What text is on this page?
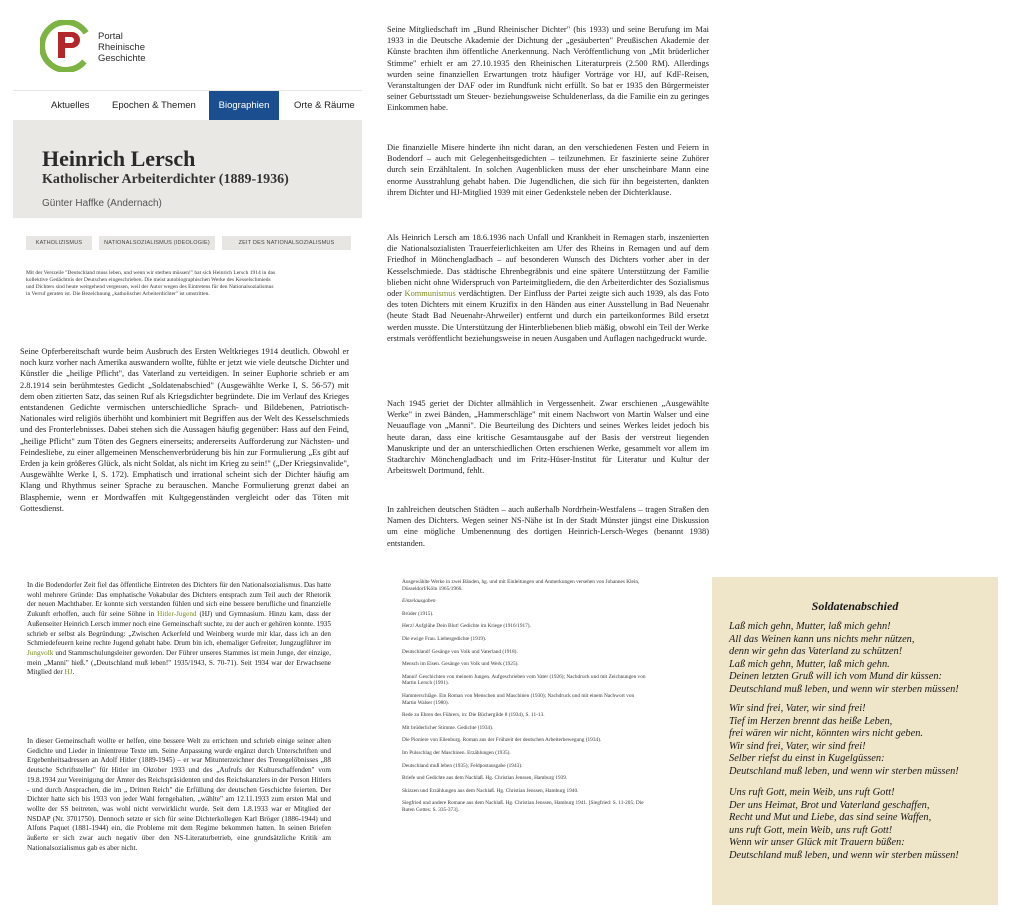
Portal
Rheinische
Geschichte
Aktuelles	Epochen & Themen	Biographien	Orte & Räume
Heinrich Lersch
Katholischer Arbeiterdichter (1889-1936)
Günter Haffke (Andernach)
KATHOLIZISMUS	NATIONALSOZIALISMUS (IDEOLOGIE)	ZEIT DES NATIONALSOZIALISMUS
Mit der Verszeile "Deutschland muss leben, und wenn wir sterben müssen!" hat sich Heinrich Lersch 1914 in das kollektive Gedächtnis der Deutschen eingeschrieben. Die meist autobiographischen Werke des Kesselschmieds und Dichters sind heute weitgehend vergessen, weil der Autor wegen des Eintretens für den Nationalsozialismus in Verruf geraten ist. Die Bezeichnung „katholischer Arbeiterdichter" ist umstritten.
Seine Opferbereitschaft wurde beim Ausbruch des Ersten Weltkrieges 1914 deutlich. Obwohl er noch kurz vorher nach Amerika auswandern wollte, fühlte er jetzt wie viele deutsche Dichter und Künstler die „heilige Pflicht", das Vaterland zu verteidigen. In seiner Euphorie schrieb er am 2.8.1914 sein berühmtestes Gedicht „Soldatenabschied" (Ausgewählte Werke I, S. 56-57) mit dem oben zitierten Satz, das seinen Ruf als Kriegsdichter begründete. Die im Verlauf des Krieges entstandenen Gedichte vermischen unterschiedliche Sprach- und Bildebenen, Patriotisch-Nationales wird religiös überhöht und kombiniert mit Begriffen aus der Welt des Kesselschmieds und des Fronterlebnisses. Dabei stehen sich die Aussagen häufig gegenüber: Hass auf den Feind, „heilige Pflicht" zum Töten des Gegners einerseits; andererseits Aufforderung zur Nächsten- und Feindesliebe, zu einer allgemeinen Menschenverbrüderung bis hin zur Formulierung „Es gibt auf Erden ja kein größeres Glück, als nicht Soldat, als nicht im Krieg zu sein!" („Der Kriegsinvalide", Ausgewählte Werke I, S. 172). Emphatisch und irrational scheint sich der Dichter häufig am Klang und Rhythmus seiner Sprache zu berauschen. Manche Formulierung grenzt dabei an Blasphemie, wenn er Mordwaffen mit Kultgegenständen vergleicht oder das Töten mit Gottesdienst.
In die Bodendorfer Zeit fiel das öffentliche Eintreten des Dichters für den Nationalsozialismus. Das hatte wohl mehrere Gründe: Das emphatische Vokabular des Dichters entsprach zum Teil auch der Rhetorik der neuen Machthaber. Er konnte sich verstanden fühlen und sich eine bessere berufliche und finanzielle Zukunft erhoffen, auch für seine Söhne in Hitler-Jugend (HJ) und Gymnasium. Hinzu kam, dass der Außenseiter Heinrich Lersch immer noch eine Gemeinschaft suchte, zu der auch er gehören konnte. 1935 schrieb er selbst als Begründung: „Zwischen Ackerfeld und Weinberg wurde mir klar, dass ich an den Schmiedefeuern keine rechte Jugend gehabt habe. Drum bin ich, ehemaliger Gefreiter, Jungzugführer im Jungvolk und Stammschulungsleiter geworden. Der Führer unseres Stammes ist mein Junge, der einzige, mein „Manni" hieß." („Deutschland muß leben!" 1935/1943, S. 70-71). Seit 1934 war der Erwachsene Mitglied der HJ.
In dieser Gemeinschaft wollte er helfen, eine bessere Welt zu errichten und schrieb einige seiner alten Gedichte und Lieder in linientreue Texte um. Seine Anpassung wurde ergänzt durch Unterschriften und Ergebenheitsadressen an Adolf Hitler (1889-1945) – er war Mitunterzeichner des Treuegelöbnisses „88 deutsche Schriftsteller" für Hitler im Oktober 1933 und des „Aufrufs der Kulturschaffenden" vom 19.8.1934 zur Vereinigung der Ämter des Reichspräsidenten und des Reichskanzlers in der Person Hitlers - und durch Ansprachen, die im „ Dritten Reich" die Erfüllung der deutschen Geschichte feierten. Der Dichter hatte sich bis 1933 von jeder Wahl ferngehalten, „wählte" am 12.11.1933 zum ersten Mal und wollte der SS beitreten, was wohl nicht verwirklicht wurde. Seit dem 1.8.1933 war er Mitglied der NSDAP (Nr. 3701750). Dennoch setzte er sich für seine Dichterkollegen Karl Bröger (1886-1944) und Alfons Paquet (1881-1944) ein, die Probleme mit dem Regime bekommen hatten. In seinen Briefen äußerte er sich zwar auch negativ über den NS-Literaturbetrieb, eine grundsätzliche Kritik am Nationalsozialismus gab es aber nicht.
Seine Mitgliedschaft im „Bund Rheinischer Dichter" (bis 1933) und seine Berufung im Mai 1933 in die Deutsche Akademie der Dichtung der „gesäuberten" Preußischen Akademie der Künste brachten ihm öffentliche Anerkennung. Nach Veröffentlichung von „Mit brüderlicher Stimme" erhielt er am 27.10.1935 den Rheinischen Literaturpreis (2.500 RM). Allerdings wurden seine finanziellen Erwartungen trotz häufiger Vorträge vor HJ, auf KdF-Reisen, Veranstaltungen der DAF oder im Rundfunk nicht erfüllt. So bat er 1935 den Bürgermeister seiner Geburtsstadt um Steuer- beziehungsweise Schuldenerlass, da die Familie ein zu geringes Einkommen habe.
Die finanzielle Misere hinderte ihn nicht daran, an den verschiedenen Festen und Feiern in Bodendorf – auch mit Gelegenheitsgedichten – teilzunehmen. Er faszinierte seine Zuhörer durch sein Erzähltalent. In solchen Augenblicken muss der eher unscheinbare Mann eine enorme Ausstrahlung gehabt haben. Die Jugendlichen, die sich für ihn begeisterten, dankten ihrem Dichter und HJ-Mitglied 1939 mit einer Gedenkstele neben der Dichterklause.
Als Heinrich Lersch am 18.6.1936 nach Unfall und Krankheit in Remagen starb, inszenierten die Nationalsozialisten Trauerfeierlichkeiten am Ufer des Rheins in Remagen und auf dem Friedhof in Mönchengladbach – auf besonderen Wunsch des Dichters vorher aber in der Kesselschmiede. Das städtische Ehrenbegräbnis und eine spätere Unterstützung der Familie blieben nicht ohne Widerspruch von Parteimitgliedern, die den Arbeiterdichter des Sozialismus oder Kommunismus verdächtigten. Der Einfluss der Partei zeigte sich auch 1939, als das Foto des toten Dichters mit einem Kruzifix in den Händen aus einer Ausstellung in Bad Neuenahr (heute Stadt Bad Neuenahr-Ahrweiler) entfernt und durch ein parteikonformes Bild ersetzt werden musste. Die Unterstützung der Hinterbliebenen blieb mäßig, obwohl ein Teil der Werke erstmals veröffentlicht beziehungsweise in neuen Ausgaben und Auflagen nachgedruckt wurde.
Nach 1945 geriet der Dichter allmählich in Vergessenheit. Zwar erschienen „Ausgewählte Werke" in zwei Bänden, „Hammerschläge" mit einem Nachwort von Martin Walser und eine Neuauflage von „Manni". Die Beurteilung des Dichters und seines Werkes leidet jedoch bis heute daran, dass eine kritische Gesamtausgabe auf der Basis der verstreut liegenden Manuskripte und der an unterschiedlichen Orten erschienen Werke, gesammelt vor allem im Stadtarchiv Mönchengladbach und im Fritz-Hüser-Institut für Literatur und Kultur der Arbeitswelt Dortmund, fehlt.
In zahlreichen deutschen Städten – auch außerhalb Nordrhein-Westfalens – tragen Straßen den Namen des Dichters. Wegen seiner NS-Nähe ist In der Stadt Münster jüngst eine Diskussion um eine mögliche Umbenennung des dortigen Heinrich-Lersch-Weges (benannt 1938) entstanden.

Ausgewählte Werke in zwei Bänden, hg. und mit Einleitungen und Anmerkungen versehen von Johannes Klein, Düsseldorf/Köln 1965/1966.

Einzelausgaben

Brüder (1915).

Herz! Aufglühe Dein Blut! Gedichte im Kriege (1916/1917).

Die ewige Frau. Liebesgedichte (1919).

Deutschland! Gesänge von Volk und Vaterland (1918).

Mensch im Eisen. Gesänge von Volk und Werk (1925).

Manni! Geschichten von meinem Jungen. Aufgeschrieben vom Vater (1926); Nachdruck und mit Zeichnungen von Martin Lersch (1991).

Hammerschläge. Ein Roman von Menschen und Maschinen (1930); Nachdruck und mit einem Nachwort von Martin Walser (1980).

Rede zu Ehren des Führers, in: Die Büchergilde 8 (1934), S. 11-13.

Mit brüderlicher Stimme. Gedichte (1934).

Die Pioniere von Eilenburg. Roman aus der Frühzeit der deutschen Arbeiterbewegung (1934).

Im Pulsschlag der Maschinen. Erzählungen (1935).

Deutschland muß leben (1935); Feldpostausgabe (1943).

Briefe und Gedichte aus dem Nachlaß. Hg. Christian Jenssen, Hamburg 1939.

Skizzen und Erzählungen aus dem Nachlaß. Hg. Christian Jenssen, Hamburg 1940.

Siegfried und andere Romane aus dem Nachlaß. Hg. Christian Jenssen, Hamburg 1941. [Siegfried: S. 11-205; Die Ruten Gottes: S. 335-373].

Soldatenabschied
Laß mich gehn, Mutter, laß mich gehn!
All das Weinen kann uns nichts mehr nützen,
denn wir gehn das Vaterland zu schützen!
Laß mich gehn, Mutter, laß mich gehn.
Deinen letzten Gruß will ich vom Mund dir küssen:
Deutschland muß leben, und wenn wir sterben müssen!
Wir sind frei, Vater, wir sind frei!
Tief im Herzen brennt das heiße Leben,
frei wären wir nicht, könnten wirs nicht geben.
Wir sind frei, Vater, wir sind frei!
Selber riefst du einst in Kugelgüssen:
Deutschland muß leben, und wenn wir sterben müssen!
Uns ruft Gott, mein Weib, uns ruft Gott!
Der uns Heimat, Brot und Vaterland geschaffen,
Recht und Mut und Liebe, das sind seine Waffen,
uns ruft Gott, mein Weib, uns ruft Gott!
Wenn wir unser Glück mit Trauern büßen:
Deutschland muß leben, und wenn wir sterben müssen!
